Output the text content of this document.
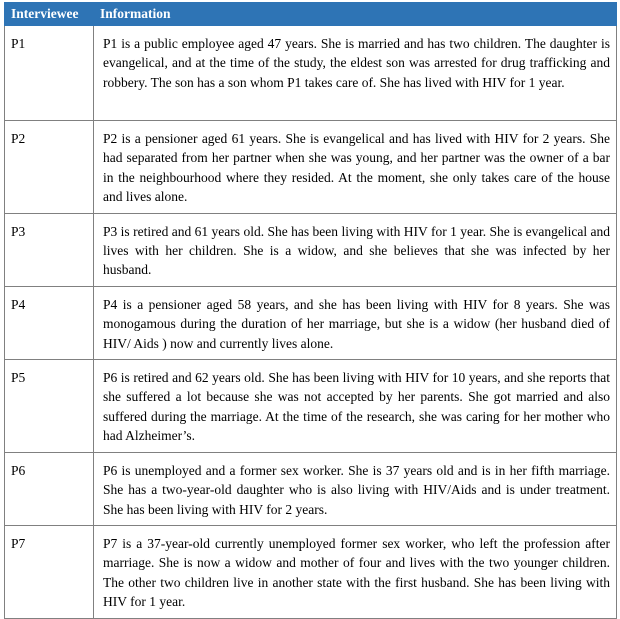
Interviewee	Information
P1	P1 is a public employee aged 47 years. She is married and has two children. The daughter is evangelical, and at the time of the study, the eldest son was arrested for drug trafficking and robbery. The son has a son whom P1 takes care of. She has lived with HIV for 1 year.
P2	P2 is a pensioner aged 61 years. She is evangelical and has lived with HIV for 2 years. She had separated from her partner when she was young, and her partner was the owner of a bar in the neighbourhood where they resided. At the moment, she only takes care of the house and lives alone.
P3	P3 is retired and 61 years old. She has been living with HIV for 1 year. She is evangelical and lives with her children. She is a widow, and she believes that she was infected by her husband.
P4	P4 is a pensioner aged 58 years, and she has been living with HIV for 8 years. She was monogamous during the duration of her marriage, but she is a widow (her husband died of HIV/ Aids ) now and currently lives alone.
P5	P6 is retired and 62 years old. She has been living with HIV for 10 years, and she reports that she suffered a lot because she was not accepted by her parents. She got married and also suffered during the marriage. At the time of the research, she was caring for her mother who had Alzheimer’s.
P6	P6 is unemployed and a former sex worker. She is 37 years old and is in her fifth marriage. She has a two-year-old daughter who is also living with HIV/Aids and is under treatment. She has been living with HIV for 2 years.
P7	P7 is a 37-year-old currently unemployed former sex worker, who left the profession after marriage. She is now a widow and mother of four and lives with the two younger children. The other two children live in another state with the first husband. She has been living with HIV for 1 year.
